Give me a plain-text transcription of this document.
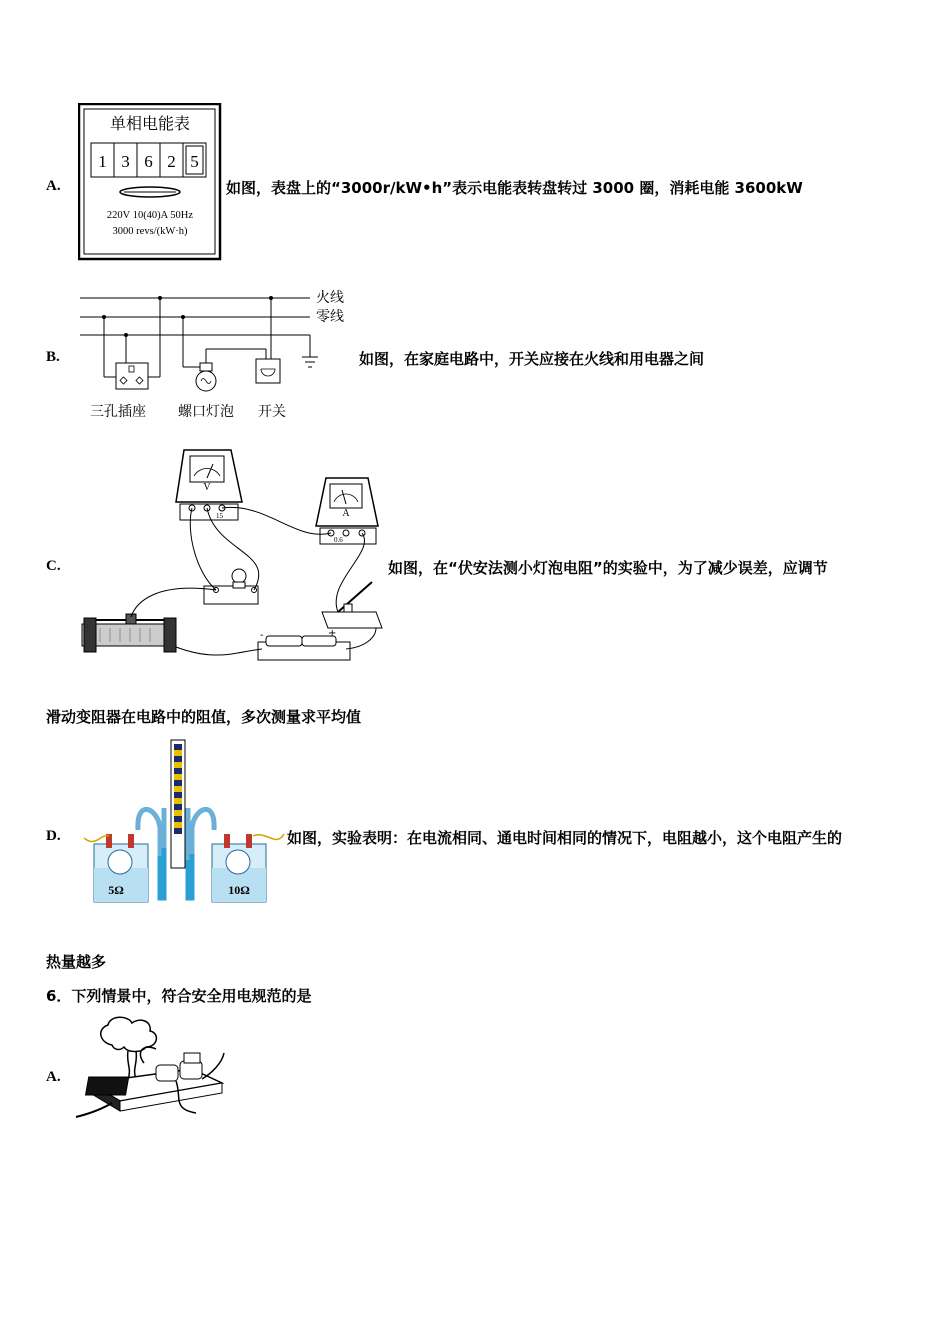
A.
单相电能表
1 3 6 2 5
220V 10(40)A 50Hz
3000 revs/(kW·h)
如图，表盘上的“3000r/kW•h”表示电能表转盘转过 3000 圈，消耗电能 3600kW
B.
火线
零线
三孔插座 螺口灯泡 开关
如图，在家庭电路中，开关应接在火线和用电器之间
C.
V
15	A
0.6
-	+
如图，在“伏安法测小灯泡电阻”的实验中，为了减少误差，应调节
滑动变阻器在电路中的阻值，多次测量求平均值
D.
5Ω	10Ω
如图，实验表明：在电流相同、通电时间相同的情况下，电阻越小，这个电阻产生的
热量越多
6．下列情景中，符合安全用电规范的是
A.
